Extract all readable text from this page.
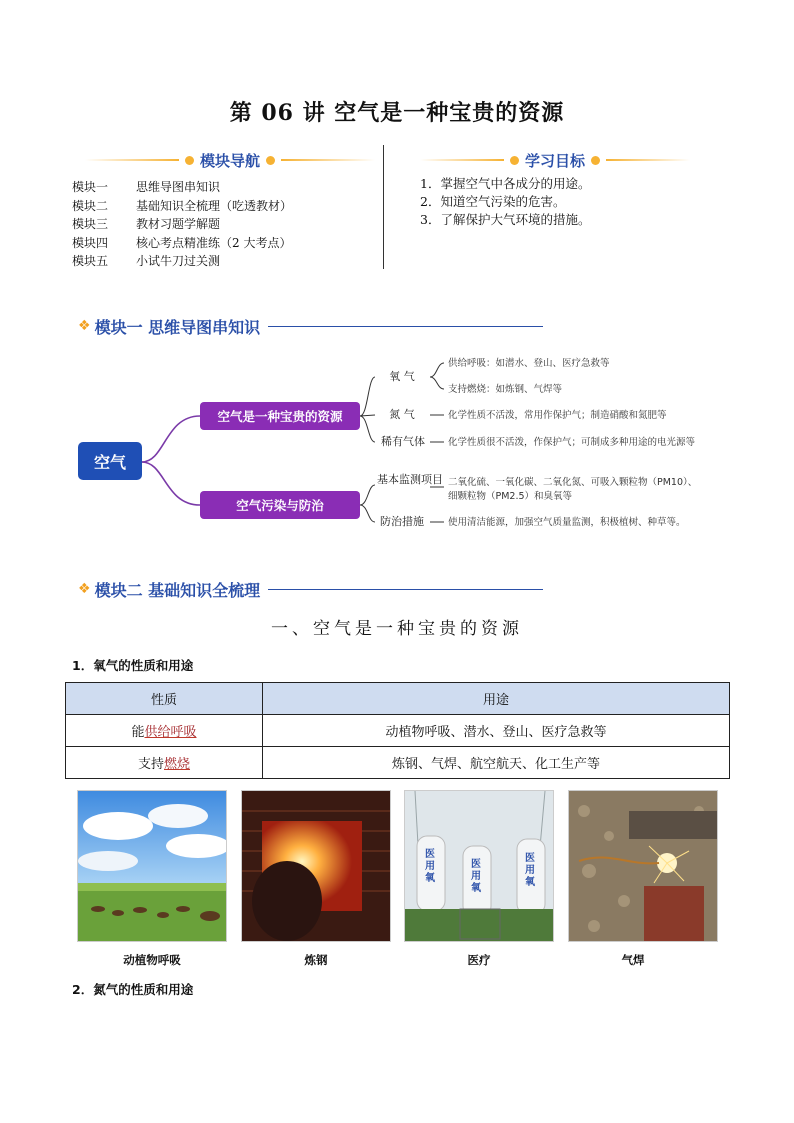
第 06 讲 空气是一种宝贵的资源
模块导航
模块一	思维导图串知识
模块二	基础知识全梳理（吃透教材）
模块三	教材习题学解题
模块四	核心考点精准练（2 大考点）
模块五	小试牛刀过关测
学习目标
1．掌握空气中各成分的用途。
2．知道空气污染的危害。
3．了解保护大气环境的措施。
❖ 模块一 思维导图串知识
空气
空气是一种宝贵的资源
空气污染与防治
氧 气
氮 气
稀有气体
基本监测项目
防治措施
供给呼吸：如潜水、登山、医疗急救等
支持燃烧：如炼钢、气焊等
化学性质不活泼，常用作保护气；制造硝酸和氮肥等
化学性质很不活泼，作保护气；可制成多种用途的电光源等
二氧化硫、一氧化碳、二氧化氮、可吸入颗粒物（PM10）、
细颗粒物（PM2.5）和臭氧等
使用清洁能源，加强空气质量监测，积极植树、种草等。
❖ 模块二 基础知识全梳理
一、空气是一种宝贵的资源
1．氧气的性质和用途
性质	用途
能供给呼吸	动植物呼吸、潜水、登山、医疗急救等
支持燃烧	炼钢、气焊、航空航天、化工生产等
医用氧
医用氧
医用氧
动植物呼吸	炼钢	医疗	气焊
2．氮气的性质和用途
